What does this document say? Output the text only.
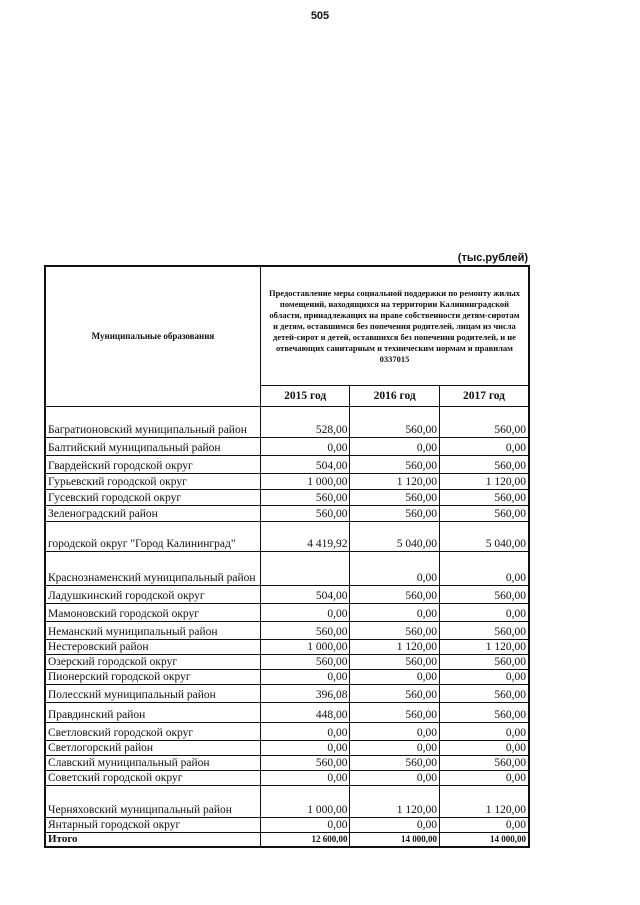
505
(тыс.рублей)
Муниципальные образования	Предоставление меры социальной поддержки по ремонту жилых помещений, находящихся на территории Калининградской области, принадлежащих на праве собственности детям-сиротам и детям, оставшимся без попечения родителей, лицам из числа детей-сирот и детей, оставшихся без попечения родителей, и не отвечающих санитарным и техническим нормам и правилам 0337015		
	2015 год	2016 год	2017 год
Багратионовский муниципальный район	528,00	560,00	560,00
Балтийский муниципальный район	0,00	0,00	0,00
Гвардейский городской округ	504,00	560,00	560,00
Гурьевский городской округ	1 000,00	1 120,00	1 120,00
Гусевский городской округ	560,00	560,00	560,00
Зеленоградский район	560,00	560,00	560,00
городской округ "Город Калининград"	4 419,92	5 040,00	5 040,00
Краснознаменский муниципальный район		0,00	0,00
Ладушкинский городской округ	504,00	560,00	560,00
Мамоновский городской округ	0,00	0,00	0,00
Неманский муниципальный район	560,00	560,00	560,00
Нестеровский район	1 000,00	1 120,00	1 120,00
Озерский городской округ	560,00	560,00	560,00
Пионерский городской округ	0,00	0,00	0,00
Полесский муниципальный район	396,08	560,00	560,00
Правдинский район	448,00	560,00	560,00
Светловский городской округ	0,00	0,00	0,00
Светлогорский район	0,00	0,00	0,00
Славский муниципальный район	560,00	560,00	560,00
Советский городской округ	0,00	0,00	0,00
Черняховский муниципальный район	1 000,00	1 120,00	1 120,00
Янтарный городской округ	0,00	0,00	0,00
Итого	12 600,00	14 000,00	14 000,00
